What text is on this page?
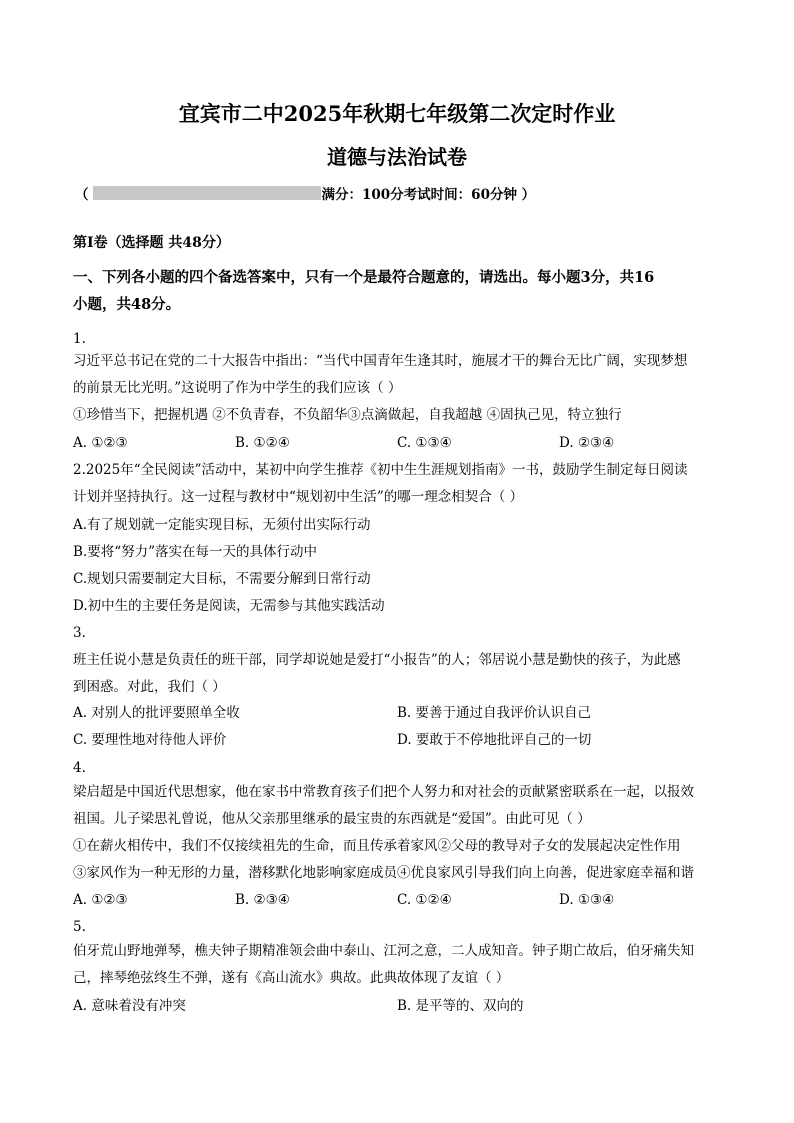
宜宾市二中2025年秋期七年级第二次定时作业
道德与法治试卷
（	满分：100分考试时间：60分钟 ）
第Ⅰ卷（选择题 共48分）
一、下列各小题的四个备选答案中，只有一个是最符合题意的，请选出。每小题3分，共16
小题，共48分。
1.
习近平总书记在党的二十大报告中指出：“当代中国青年生逢其时，施展才干的舞台无比广阔，实现梦想
的前景无比光明。”这说明了作为中学生的我们应该（ ）
①珍惜当下，把握机遇 ②不负青春，不负韶华③点滴做起，自我超越 ④固执己见，特立独行
A. ①②③	B. ①②④	C. ①③④	D. ②③④
2.2025年“全民阅读”活动中，某初中向学生推荐《初中生生涯规划指南》一书，鼓励学生制定每日阅读
计划并坚持执行。这一过程与教材中“规划初中生活”的哪一理念相契合（ ）
A.有了规划就一定能实现目标，无须付出实际行动
B.要将“努力”落实在每一天的具体行动中
C.规划只需要制定大目标，不需要分解到日常行动
D.初中生的主要任务是阅读，无需参与其他实践活动
3.
班主任说小慧是负责任的班干部，同学却说她是爱打“小报告”的人；邻居说小慧是勤快的孩子，为此感
到困惑。对此，我们（ ）
A. 对别人的批评要照单全收	B. 要善于通过自我评价认识自己
C. 要理性地对待他人评价	D. 要敢于不停地批评自己的一切
4.
梁启超是中国近代思想家，他在家书中常教育孩子们把个人努力和对社会的贡献紧密联系在一起，以报效
祖国。儿子梁思礼曾说，他从父亲那里继承的最宝贵的东西就是“爱国”。由此可见（ ）
①在薪火相传中，我们不仅接续祖先的生命，而且传承着家风②父母的教导对子女的发展起决定性作用
③家风作为一种无形的力量，潜移默化地影响家庭成员④优良家风引导我们向上向善，促进家庭幸福和谐
A. ①②③	B. ②③④	C. ①②④	D. ①③④
5.
伯牙荒山野地弹琴，樵夫钟子期精准领会曲中泰山、江河之意，二人成知音。钟子期亡故后，伯牙痛失知
己，摔琴绝弦终生不弹，遂有《高山流水》典故。此典故体现了友谊（ ）
A. 意味着没有冲突	B. 是平等的、双向的
